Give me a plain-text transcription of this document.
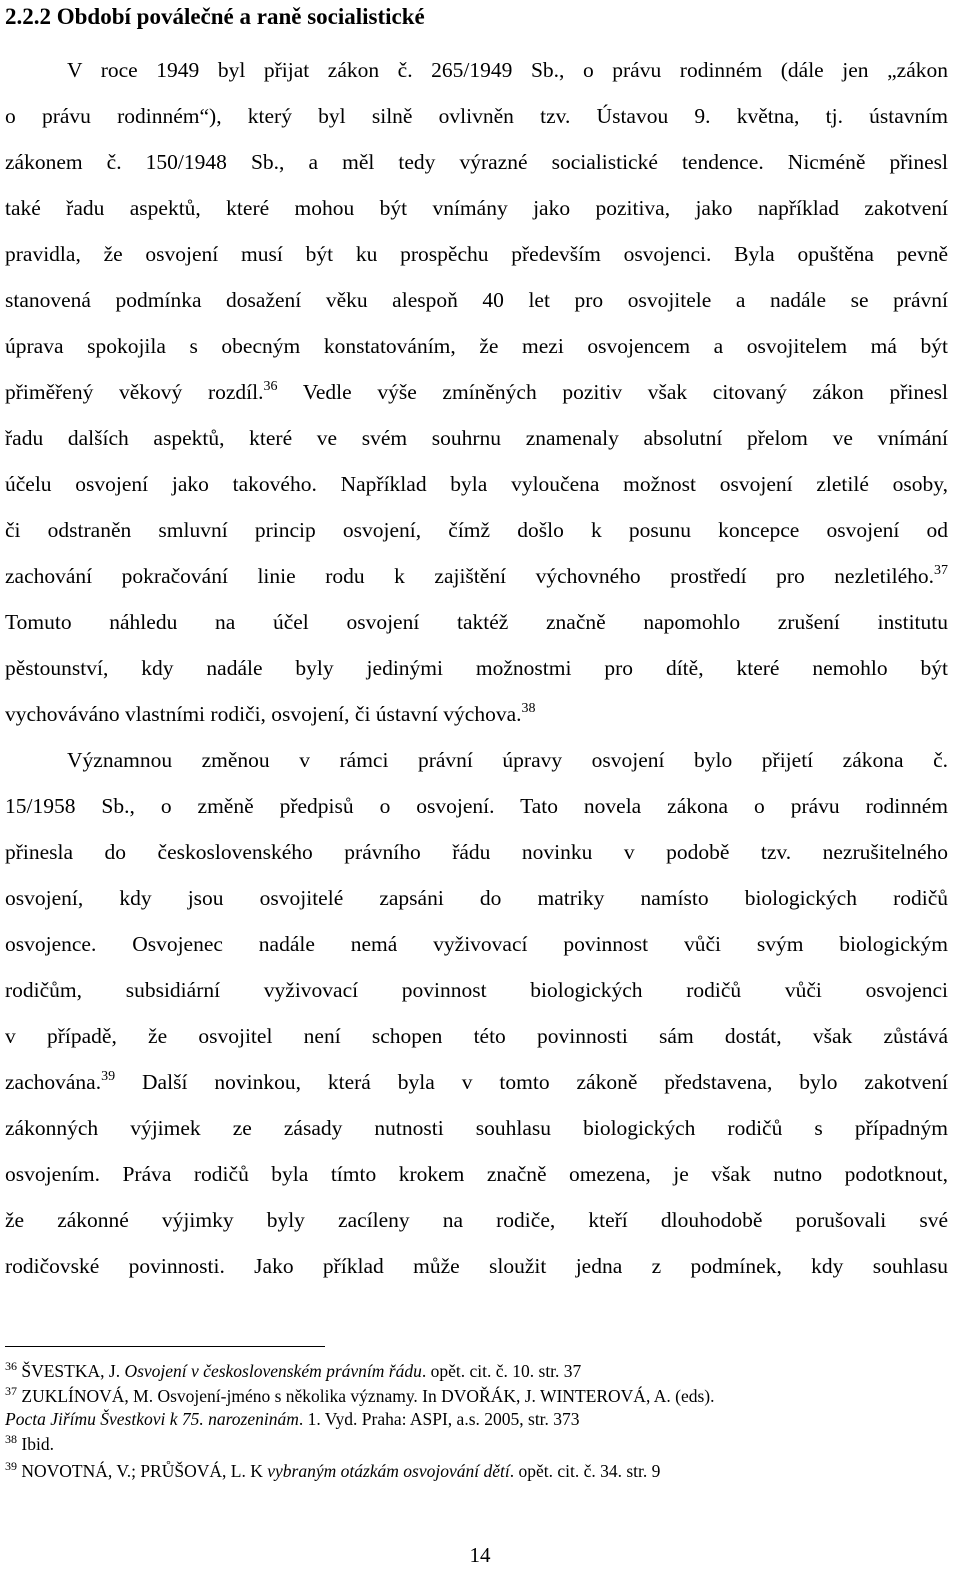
2.2.2 Období poválečné a raně socialistické
V roce 1949 byl přijat zákon č. 265/1949 Sb., o právu rodinném (dále jen „zákon
o právu rodinném“), který byl silně ovlivněn tzv. Ústavou 9. května, tj. ústavním
zákonem č. 150/1948 Sb., a měl tedy výrazné socialistické tendence. Nicméně přinesl
také řadu aspektů, které mohou být vnímány jako pozitiva, jako například zakotvení
pravidla, že osvojení musí být ku prospěchu především osvojenci. Byla opuštěna pevně
stanovená podmínka dosažení věku alespoň 40 let pro osvojitele a nadále se právní
úprava spokojila s obecným konstatováním, že mezi osvojencem a osvojitelem má být
přiměřený věkový rozdíl.$^{36}$ Vedle výše zmíněných pozitiv však citovaný zákon přinesl
řadu dalších aspektů, které ve svém souhrnu znamenaly absolutní přelom ve vnímání
účelu osvojení jako takového. Například byla vyloučena možnost osvojení zletilé osoby,
či odstraněn smluvní princip osvojení, čímž došlo k posunu koncepce osvojení od
zachování pokračování linie rodu k zajištění výchovného prostředí pro nezletilého.$^{37}$
Tomuto náhledu na účel osvojení taktéž značně napomohlo zrušení institutu
pěstounství, kdy nadále byly jedinými možnostmi pro dítě, které nemohlo být
vychováváno vlastními rodiči, osvojení, či ústavní výchova.$^{38}$
Významnou změnou v rámci právní úpravy osvojení bylo přijetí zákona č.
15/1958 Sb., o změně předpisů o osvojení. Tato novela zákona o právu rodinném
přinesla do československého právního řádu novinku v podobě tzv. nezrušitelného
osvojení, kdy jsou osvojitelé zapsáni do matriky namísto biologických rodičů
osvojence. Osvojenec nadále nemá vyživovací povinnost vůči svým biologickým
rodičům, subsidiární vyživovací povinnost biologických rodičů vůči osvojenci
v případě, že osvojitel není schopen této povinnosti sám dostát, však zůstává
zachována.$^{39}$ Další novinkou, která byla v tomto zákoně představena, bylo zakotvení
zákonných výjimek ze zásady nutnosti souhlasu biologických rodičů s případným
osvojením. Práva rodičů byla tímto krokem značně omezena, je však nutno podotknout,
že zákonné výjimky byly zacíleny na rodiče, kteří dlouhodobě porušovali své
rodičovské povinnosti. Jako příklad může sloužit jedna z podmínek, kdy souhlasu
$^{36}$ ŠVESTKA, J. Osvojení v československém právním řádu. opět. cit. č. 10. str. 37
$^{37}$ ZUKLÍNOVÁ, M. Osvojení-jméno s několika významy. In DVOŘÁK, J. WINTEROVÁ, A. (eds).
Pocta Jiřímu Švestkovi k 75. narozeninám. 1. Vyd. Praha: ASPI, a.s. 2005, str. 373
$^{38}$ Ibid.
$^{39}$ NOVOTNÁ, V.; PRŮŠOVÁ, L. K vybraným otázkám osvojování dětí. opět. cit. č. 34. str. 9
14
